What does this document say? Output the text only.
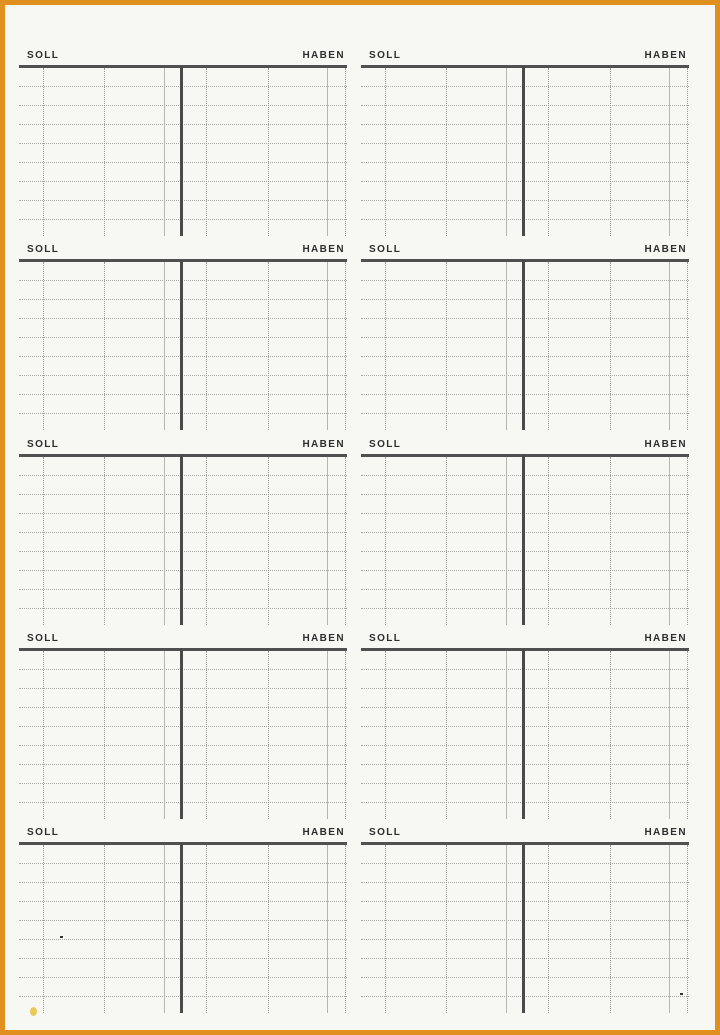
SOLL	HABEN SOLL	HABEN
SOLL	HABEN SOLL	HABEN
SOLL	HABEN SOLL	HABEN
SOLL	HABEN SOLL	HABEN
SOLL	HABEN SOLL	HABEN
